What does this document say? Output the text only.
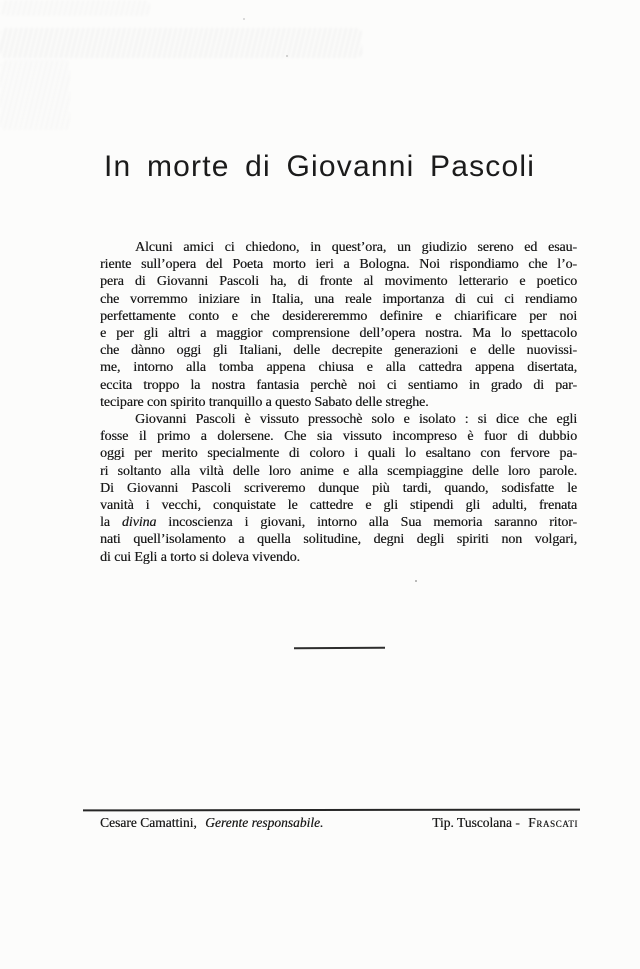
In morte di Giovanni Pascoli
Alcuni amici ci chiedono, in quest’ora, un giudizio sereno ed esau-
riente sull’opera del Poeta morto ieri a Bologna. Noi rispondiamo che l’o-
pera di Giovanni Pascoli ha, di fronte al movimento letterario e poetico
che vorremmo iniziare in Italia, una reale importanza di cui ci rendiamo
perfettamente conto e che desidereremmo definire e chiarificare per noi
e per gli altri a maggior comprensione dell’opera nostra. Ma lo spettacolo
che dànno oggi gli Italiani, delle decrepite generazioni e delle nuovissi-
me, intorno alla tomba appena chiusa e alla cattedra appena disertata,
eccita troppo la nostra fantasia perchè noi ci sentiamo in grado di par-
tecipare con spirito tranquillo a questo Sabato delle streghe.
Giovanni Pascoli è vissuto pressochè solo e isolato : si dice che egli
fosse il primo a dolersene. Che sia vissuto incompreso è fuor di dubbio
oggi per merito specialmente di coloro i quali lo esaltano con fervore pa-
ri soltanto alla viltà delle loro anime e alla scempiaggine delle loro parole.
Di Giovanni Pascoli scriveremo dunque più tardi, quando, sodisfatte le
vanità i vecchi, conquistate le cattedre e gli stipendi gli adulti, frenata
la divina incoscienza i giovani, intorno alla Sua memoria saranno ritor-
nati quell’isolamento a quella solitudine, degni degli spiriti non volgari,
di cui Egli a torto si doleva vivendo.
Cesare Camattini, Gerente responsabile.	Tip. Tuscolana - Frascati
